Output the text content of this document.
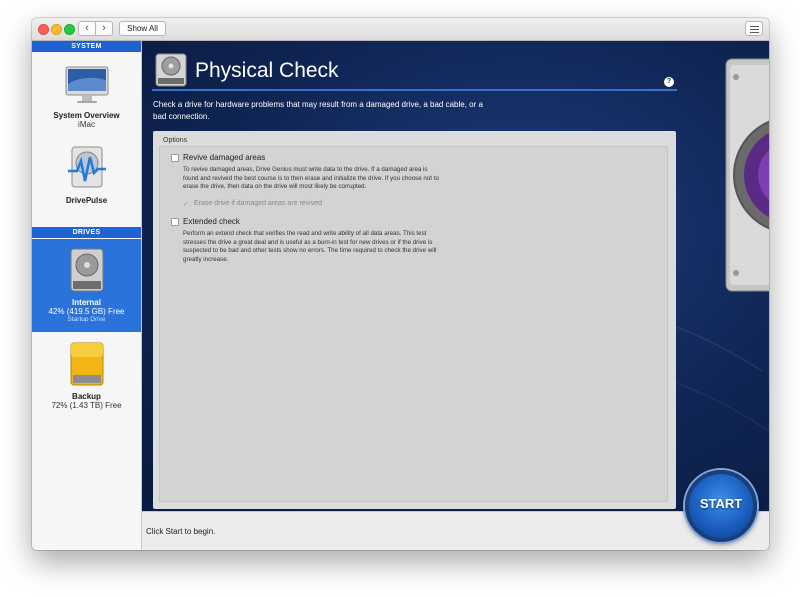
‹	›	Show All
SYSTEM
System Overview
iMac
DrivePulse
DRIVES
Internal
42% (419.5 GB) Free
Startup Drive
Backup
72% (1.43 TB) Free
Physical Check	?
Check a drive for hardware problems that may result from a damaged drive, a bad cable, or a bad connection.
Options
Revive damaged areas
To revive damaged areas, Drive Genius must write data to the drive. If a damaged area is found and revived the best course is to then erase and initialize the drive. If you choose not to erase the drive, then data on the drive will most likely be corrupted.
✓ Erase drive if damaged areas are revived
Extended check
Perform an extend check that verifies the read and write ability of all data areas. This test stresses the drive a great deal and is useful as a burn-in test for new drives or if the drive is suspected to be bad and other tests show no errors. The time required to check the drive will greatly increase.
Click Start to begin.
START
